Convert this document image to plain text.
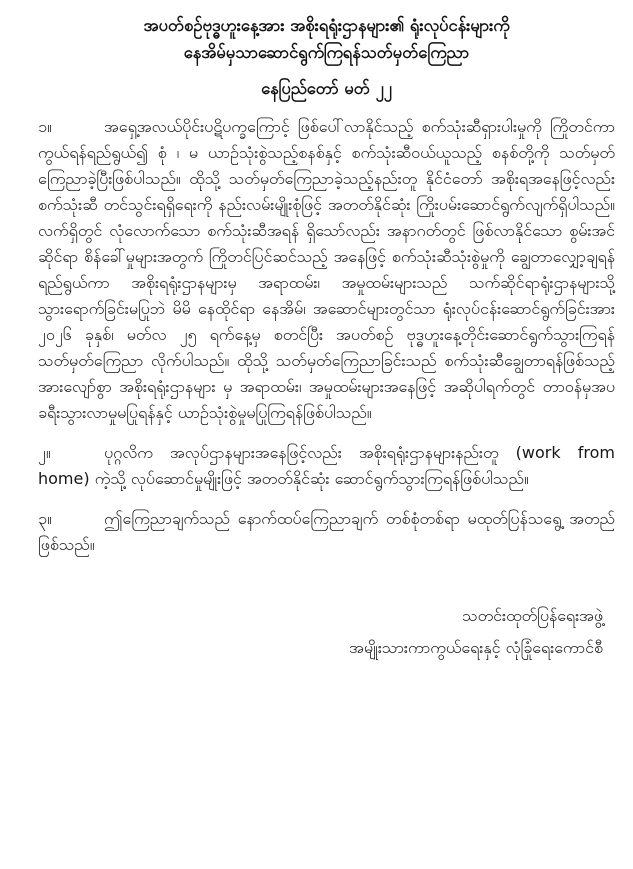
အပတ်စဉ်ဗုဒ္ဓဟူးနေ့အား အစိုးရရုံးဌာနများ၏ ရုံးလုပ်ငန်းများကို
နေအိမ်မှသာဆောင်ရွက်ကြရန်သတ်မှတ်ကြေညာ
နေပြည်တော် မတ် ၂၂

၁။	အရှေ့အလယ်ပိုင်းပဋိပက္ခကြောင့် ဖြစ်ပေါ်လာနိုင်သည့် စက်သုံးဆီရှားပါးမှုကို ကြိုတင်ကာကွယ်ရန်ရည်ရွယ်၍ စုံ ၊ မ ယာဉ်သုံးစွဲသည့်စနစ်နှင့် စက်သုံးဆီဝယ်ယူသည့် စနစ်တို့ကို သတ်မှတ်ကြေညာခဲ့ပြီးဖြစ်ပါသည်။ ထိုသို့ သတ်မှတ်ကြေညာခဲ့သည့်နည်းတူ နိုင်ငံတော် အစိုးရအနေဖြင့်လည်း စက်သုံးဆီ တင်သွင်းရရှိရေးကို နည်းလမ်းမျိုးစုံဖြင့် အတတ်နိုင်ဆုံး ကြိုးပမ်းဆောင်ရွက်လျက်ရှိပါသည်။ လက်ရှိတွင် လုံလောက်သော စက်သုံးဆီအရန် ရှိသော်လည်း အနာဂတ်တွင် ဖြစ်လာနိုင်သော စွမ်းအင်ဆိုင်ရာ စိန်ခေါ်မှုများအတွက် ကြိုတင်ပြင်ဆင်သည့် အနေဖြင့် စက်သုံးဆီသုံးစွဲမှုကို ချွေတာလျှော့ချရန်ရည်ရွယ်ကာ အစိုးရရုံးဌာနများမှ အရာထမ်း၊ အမှုထမ်းများသည် သက်ဆိုင်ရာရုံးဌာနများသို့ သွားရောက်ခြင်းမပြုဘဲ မိမိ နေထိုင်ရာ နေအိမ်၊ အဆောင်များတွင်သာ ရုံးလုပ်ငန်းဆောင်ရွက်ခြင်းအား ၂၀၂၆ ခုနှစ်၊ မတ်လ ၂၅ ရက်နေ့မှ စတင်ပြီး အပတ်စဉ် ဗုဒ္ဓဟူးနေ့တိုင်းဆောင်ရွက်သွားကြရန် သတ်မှတ်ကြေညာ လိုက်ပါသည်။ ထိုသို့ သတ်မှတ်ကြေညာခြင်းသည် စက်သုံးဆီချွေတာရန်ဖြစ်သည့်အားလျော်စွာ အစိုးရရုံးဌာနများ မှ အရာထမ်း၊ အမှုထမ်းများအနေဖြင့် အဆိုပါရက်တွင် တာဝန်မှအပ ခရီးသွားလာမှုမပြုရန်နှင့် ယာဉ်သုံးစွဲမှုမပြုကြရန်ဖြစ်ပါသည်။

၂။	ပုဂ္ဂလိက အလုပ်ဌာနများအနေဖြင့်လည်း အစိုးရရုံးဌာနများနည်းတူ (work from home) ကဲ့သို့ လုပ်ဆောင်မှုမျိုးဖြင့် အတတ်နိုင်ဆုံး ဆောင်ရွက်သွားကြရန်ဖြစ်ပါသည်။

၃။	ဤကြေညာချက်သည် နောက်ထပ်ကြေညာချက် တစ်စုံတစ်ရာ မထုတ်ပြန်သရွေ့ အတည်ဖြစ်သည်။

သတင်းထုတ်ပြန်ရေးအဖွဲ့
အမျိုးသားကာကွယ်ရေးနှင့် လုံခြုံရေးကောင်စီ
